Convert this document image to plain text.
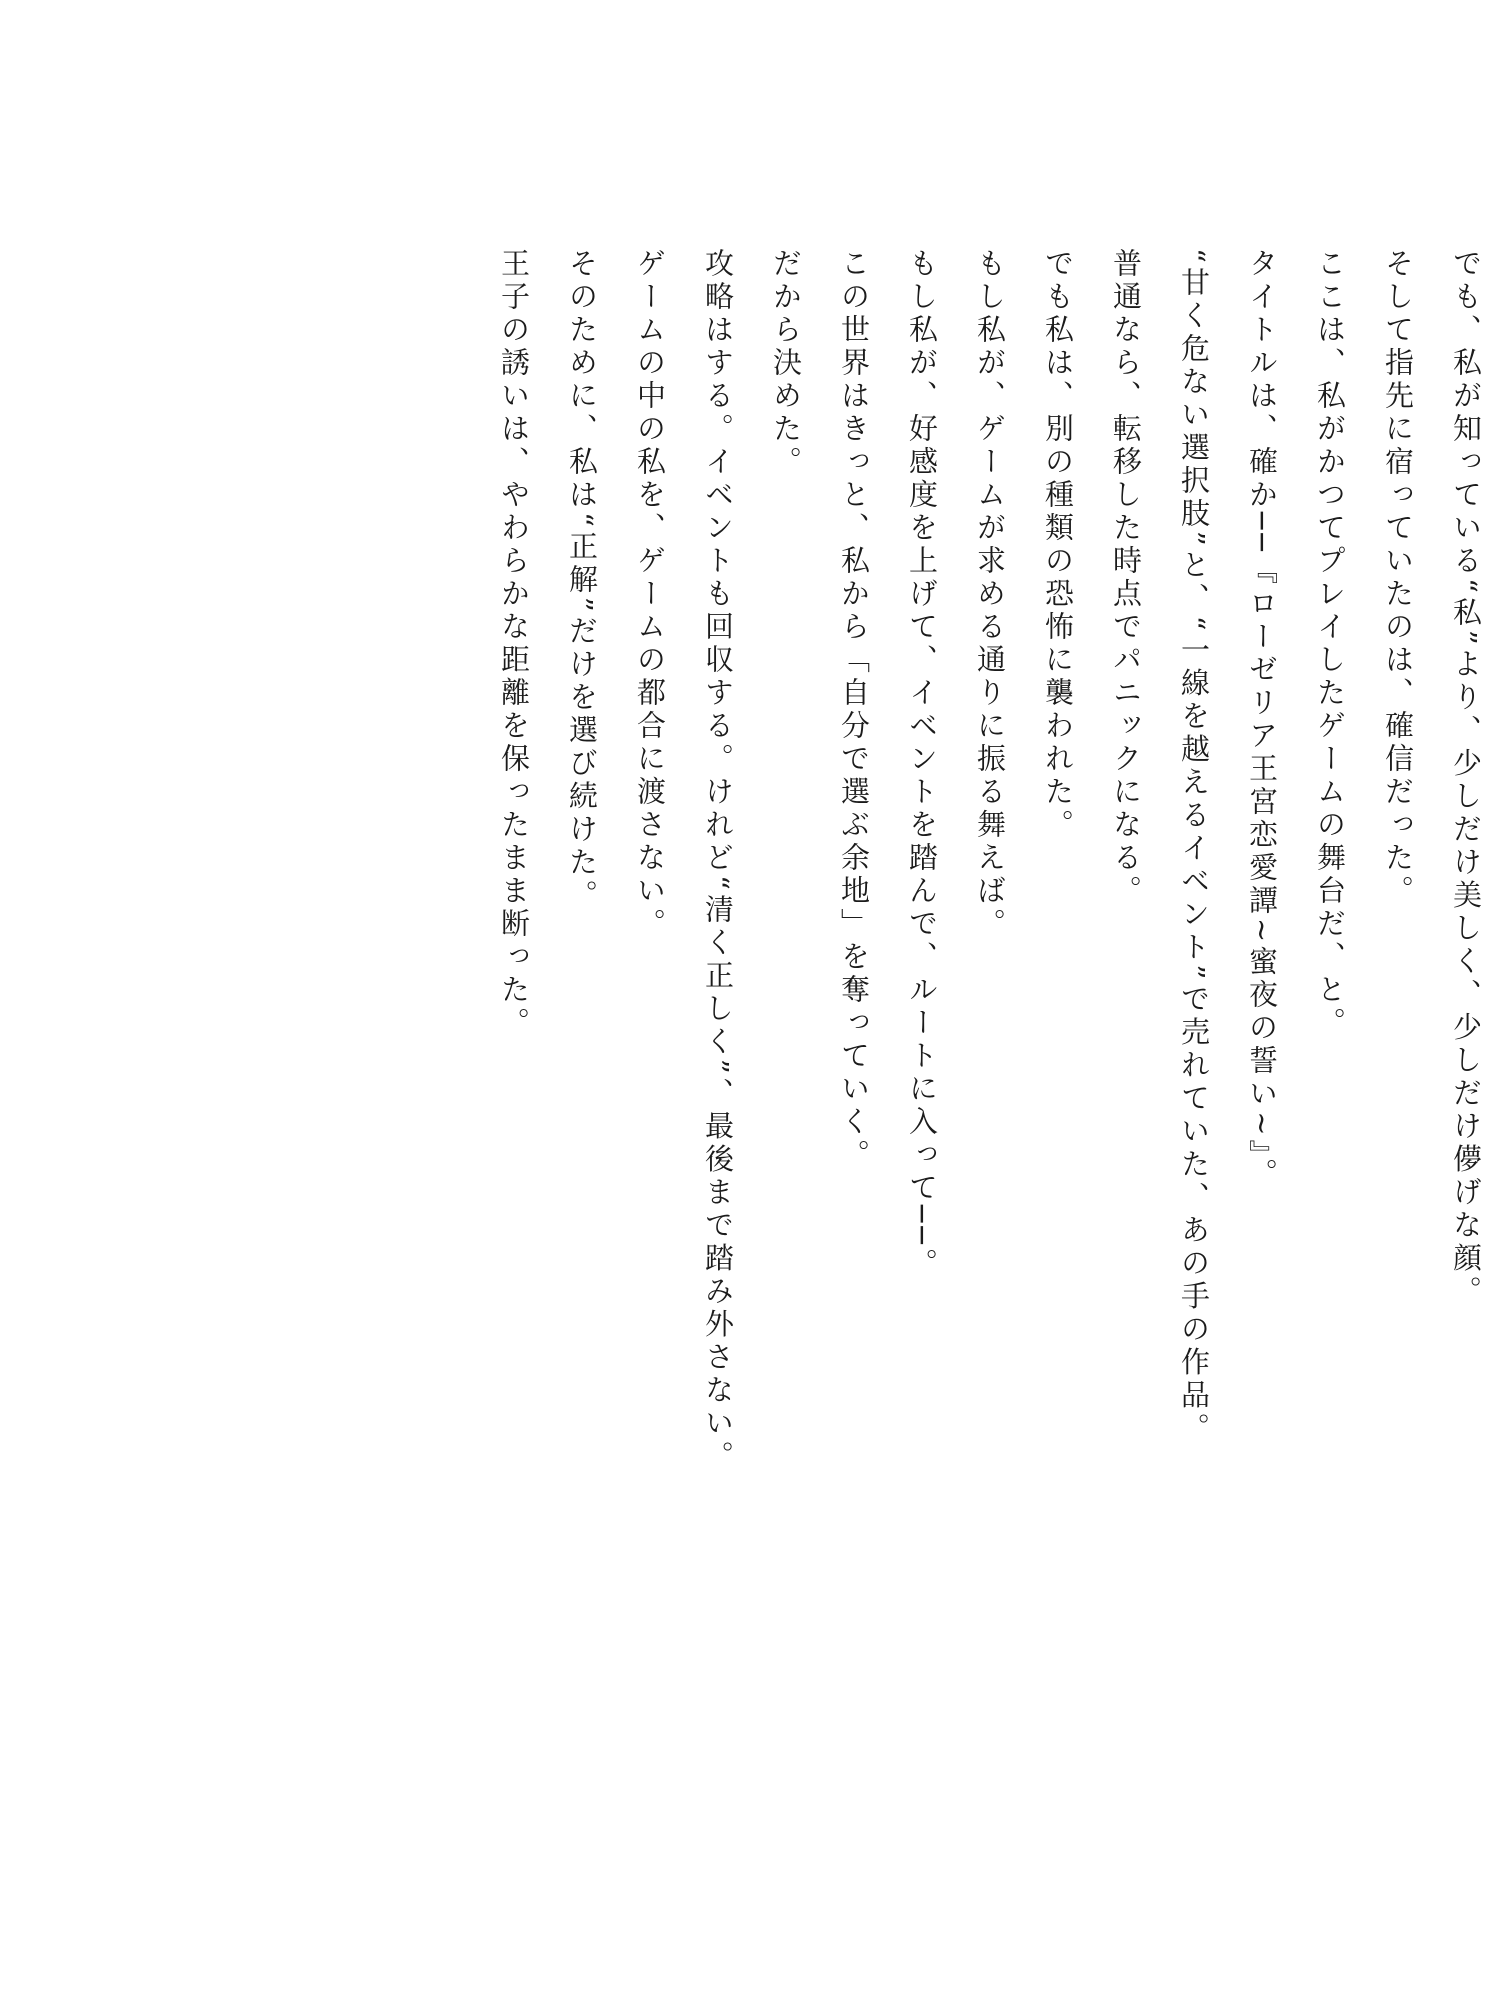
でも、私が知っている“私”より、少しだけ美しく、少しだけ儚げな顔。

そして指先に宿っていたのは、確信だった。

ここは、私がかつてプレイしたゲームの舞台だ、と。

タイトルは、確か──『ローゼリア王宮恋愛譚~蜜夜の誓い~』。

“甘く危ない選択肢”と、“一線を越えるイベント”で売れていた、あの手の作品。

普通なら、転移した時点でパニックになる。

でも私は、別の種類の恐怖に襲われた。

もし私が、ゲームが求める通りに振る舞えば。

もし私が、好感度を上げて、イベントを踏んで、ルートに入って──。

この世界はきっと、私から「自分で選ぶ余地」を奪っていく。

だから決めた。

攻略はする。イベントも回収する。けれど“清く正しく”、最後まで踏み外さない。

ゲームの中の私を、ゲームの都合に渡さない。

そのために、私は“正解”だけを選び続けた。

王子の誘いは、やわらかな距離を保ったまま断った。
